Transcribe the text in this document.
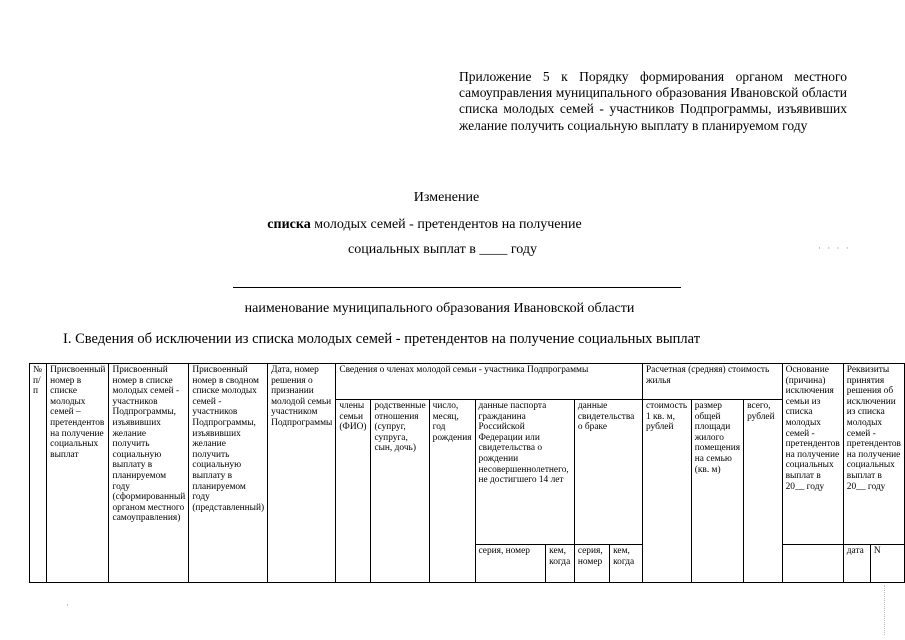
Приложение 5 к Порядку формирования органом местного самоуправления муниципального образования Ивановской области списка молодых семей - участников Подпрограммы, изъявивших желание получить социальную выплату в планируемом году
Изменение
списка молодых семей - претендентов на получение
социальных выплат в ____ году
наименование муниципального образования Ивановской области
I. Сведения об исключении из списка молодых семей - претендентов на получение социальных выплат
№ п/п	Присвоенный номер в списке молодых семей – претендентов на получение социальных выплат	Присвоенный номер в списке молодых семей - участников Подпрограммы, изъявивших желание получить социальную выплату в планируемом году (сформированный органом местного самоуправления)	Присвоенный номер в сводном списке молодых семей - участников Подпрограммы, изъявивших желание получить социальную выплату в планируемом году (представленный)	Дата, номер решения о признании молодой семьи участником Подпрограммы	Сведения о членах молодой семьи - участника Подпрограммы							Расчетная (средняя) стоимость жилья			Основание (причина) исключения семьи из списка молодых семей - претендентов на получение социальных выплат в 20__ году	Реквизиты принятия решения об исключении из списка молодых семей - претендентов на получение социальных выплат в 20__ году	
					члены семьи (ФИО)	родственные отношения (супруг, супруга, сын, дочь)	число, месяц, год рождения	данные паспорта гражданина Российской Федерации или свидетельства о рождении несовершеннолетнего, не достигшего 14 лет		данные свидетельства о браке		стоимость 1 кв. м, рублей	размер общей площади жилого помещения на семью (кв. м)	всего, рублей			
								серия, номер	кем, когда	серия, номер	кем, когда					дата	N
· · · ·
·
